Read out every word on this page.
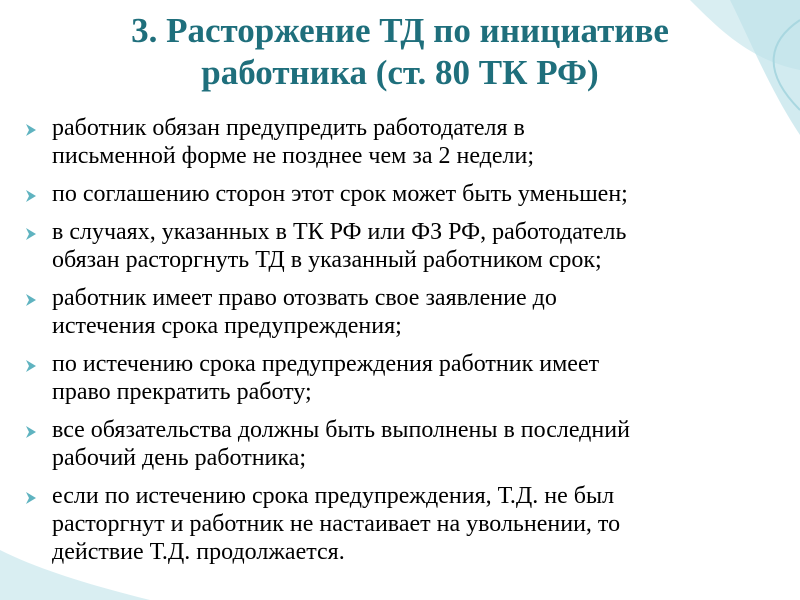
3. Расторжение ТД по инициативе
работника (ст. 80 ТК РФ)
работник обязан предупредить работодателя в
письменной форме не позднее чем за 2 недели;
по соглашению сторон этот срок может быть уменьшен;
в случаях, указанных в ТК РФ или ФЗ РФ, работодатель
обязан расторгнуть ТД в указанный работником срок;
работник имеет право отозвать свое заявление до
истечения срока предупреждения;
по истечению срока предупреждения работник имеет
право прекратить работу;
все обязательства должны быть выполнены в последний
рабочий день работника;
если по истечению срока предупреждения, Т.Д. не был
расторгнут и работник не настаивает на увольнении, то
действие Т.Д. продолжается.
